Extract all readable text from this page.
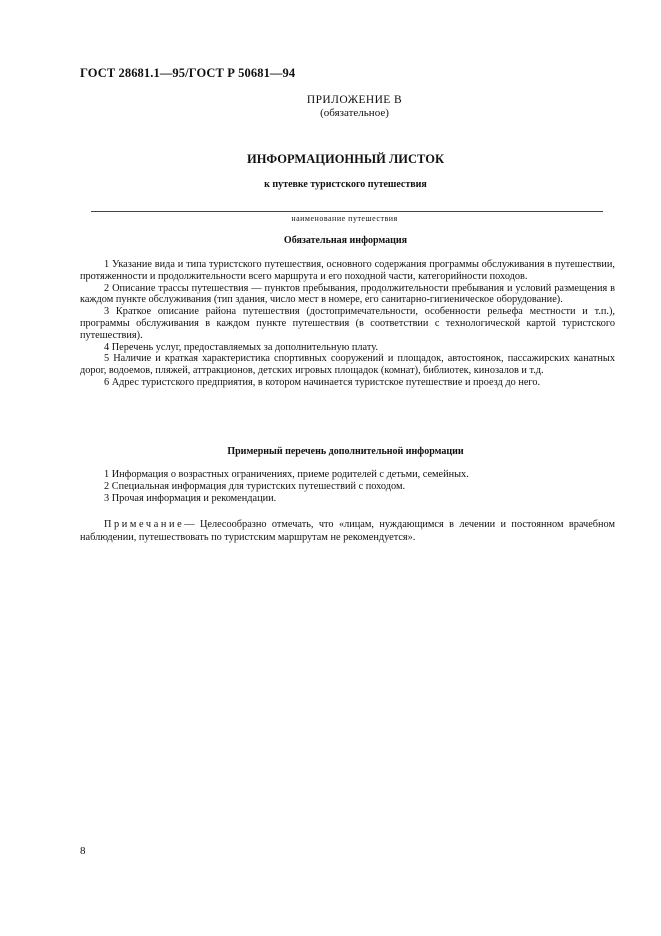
ГОСТ 28681.1—95/ГОСТ Р 50681—94
ПРИЛОЖЕНИЕ В
(обязательное)
ИНФОРМАЦИОННЫЙ ЛИСТОК
к путевке туристского путешествия
наименование путешествия
Обязательная информация

1 Указание вида и типа туристского путешествия, основного содержания программы обслуживания в путешествии, протяженности и продолжительности всего маршрута и его походной части, категорийности походов.

2 Описание трассы путешествия — пунктов пребывания, продолжительности пребывания и условий размещения в каждом пункте обслуживания (тип здания, число мест в номере, его санитарно-гигиеническое оборудование).

3 Краткое описание района путешествия (достопримечательности, особенности рельефа местности и т.п.), программы обслуживания в каждом пункте путешествия (в соответствии с технологической картой туристского путешествия).

4 Перечень услуг, предоставляемых за дополнительную плату.

5 Наличие и краткая характеристика спортивных сооружений и площадок, автостоянок, пассажирских канатных дорог, водоемов, пляжей, аттракционов, детских игровых площадок (комнат), библиотек, кинозалов и т.д.

6 Адрес туристского предприятия, в котором начинается туристское путешествие и проезд до него.

Примерный перечень дополнительной информации

1 Информация о возрастных ограничениях, приеме родителей с детьми, семейных.

2 Специальная информация для туристских путешествий с походом.

3 Прочая информация и рекомендации.

Примечание— Целесообразно отмечать, что «лицам, нуждающимся в лечении и постоянном врачебном наблюдении, путешествовать по туристским маршрутам не рекомендуется».
8
